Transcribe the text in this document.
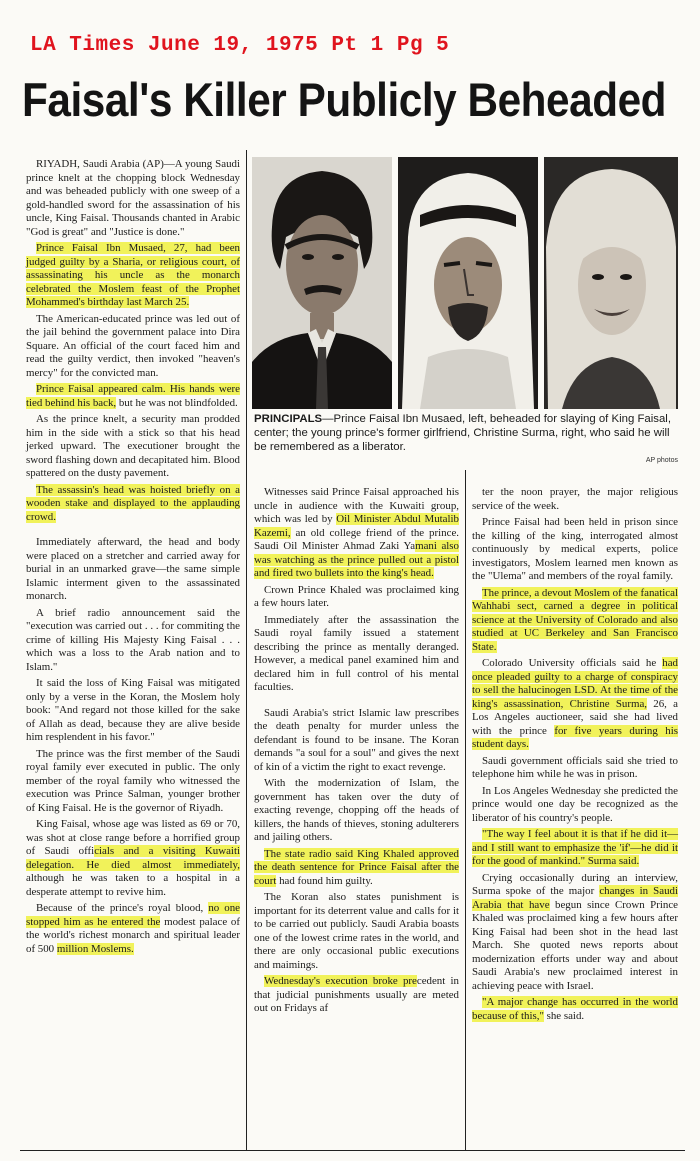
LA Times June 19, 1975 Pt 1 Pg 5
Faisal's Killer Publicly Beheaded
PRINCIPALS—Prince Faisal Ibn Musaed, left, beheaded for slaying of King Faisal, center; the young prince's former girlfriend, Christine Surma, right, who said he will be remembered as a liberator.
AP photos

RIYADH, Saudi Arabia (AP)—A young Saudi prince knelt at the chopping block Wednesday and was beheaded publicly with one sweep of a gold-handled sword for the assassination of his uncle, King Faisal. Thousands chanted in Arabic "God is great" and "Justice is done."

Prince Faisal Ibn Musaed, 27, had been judged guilty by a Sharia, or religious court, of assassinating his uncle as the monarch celebrated the Moslem feast of the Prophet Mohammed's birthday last March 25.

The American-educated prince was led out of the jail behind the government palace into Dira Square. An official of the court faced him and read the guilty verdict, then invoked "heaven's mercy" for the convicted man.

Prince Faisal appeared calm. His hands were tied behind his back, but he was not blindfolded.

As the prince knelt, a security man prodded him in the side with a stick so that his head jerked upward. The executioner brought the sword flashing down and decapitated him. Blood spattered on the dusty pavement.

The assassin's head was hoisted briefly on a wooden stake and displayed to the applauding crowd.

Immediately afterward, the head and body were placed on a stretcher and carried away for burial in an unmarked grave—the same simple Islamic interment given to the assassinated monarch.

A brief radio announcement said the "execution was carried out . . . for commiting the crime of killing His Majesty King Faisal . . . which was a loss to the Arab nation and to Islam."

It said the loss of King Faisal was mitigated only by a verse in the Koran, the Moslem holy book: "And regard not those killed for the sake of Allah as dead, because they are alive beside him resplendent in his favor."

The prince was the first member of the Saudi royal family ever executed in public. The only member of the royal family who witnessed the execution was Prince Salman, younger brother of King Faisal. He is the governor of Riyadh.

King Faisal, whose age was listed as 69 or 70, was shot at close range before a horrified group of Saudi officials and a visiting Kuwaiti delegation. He died almost immediately, although he was taken to a hospital in a desperate attempt to revive him.

Because of the prince's royal blood, no one stopped him as he entered the modest palace of the world's richest monarch and spiritual leader of 500 million Moslems.

Witnesses said Prince Faisal approached his uncle in audience with the Kuwaiti group, which was led by Oil Minister Abdul Mutalib Kazemi, an old college friend of the prince. Saudi Oil Minister Ahmad Zaki Yamani also was watching as the prince pulled out a pistol and fired two bullets into the king's head.

Crown Prince Khaled was proclaimed king a few hours later.

Immediately after the assassination the Saudi royal family issued a statement describing the prince as mentally deranged. However, a medical panel examined him and declared him in full control of his mental faculties.

Saudi Arabia's strict Islamic law prescribes the death penalty for murder unless the defendant is found to be insane. The Koran demands "a soul for a soul" and gives the next of kin of a victim the right to exact revenge.

With the modernization of Islam, the government has taken over the duty of exacting revenge, chopping off the heads of killers, the hands of thieves, stoning adulterers and jailing others.

The state radio said King Khaled approved the death sentence for Prince Faisal after the court had found him guilty.

The Koran also states punishment is important for its deterrent value and calls for it to be carried out publicly. Saudi Arabia boasts one of the lowest crime rates in the world, and there are only occasional public executions and maimings.

Wednesday's execution broke precedent in that judicial punishments usually are meted out on Fridays af

ter the noon prayer, the major religious service of the week.

Prince Faisal had been held in prison since the killing of the king, interrogated almost continuously by medical experts, police investigators, Moslem learned men known as the "Ulema" and members of the royal family.

The prince, a devout Moslem of the fanatical Wahhabi sect, carned a degree in political science at the University of Colorado and also studied at UC Berkeley and San Francisco State.

Colorado University officials said he had once pleaded guilty to a charge of conspiracy to sell the halucinogen LSD. At the time of the king's assassination, Christine Surma, 26, a Los Angeles auctioneer, said she had lived with the prince for five years during his student days.

Saudi government officials said she tried to telephone him while he was in prison.

In Los Angeles Wednesday she predicted the prince would one day be recognized as the liberator of his country's people.

"The way I feel about it is that if he did it—and I still want to emphasize the 'if'—he did it for the good of mankind." Surma said.

Crying occasionally during an interview, Surma spoke of the major changes in Saudi Arabia that have begun since Crown Prince Khaled was proclaimed king a few hours after King Faisal had been shot in the head last March. She quoted news reports about modernization efforts under way and about Saudi Arabia's new proclaimed interest in achieving peace with Israel.

"A major change has occurred in the world because of this," she said.
